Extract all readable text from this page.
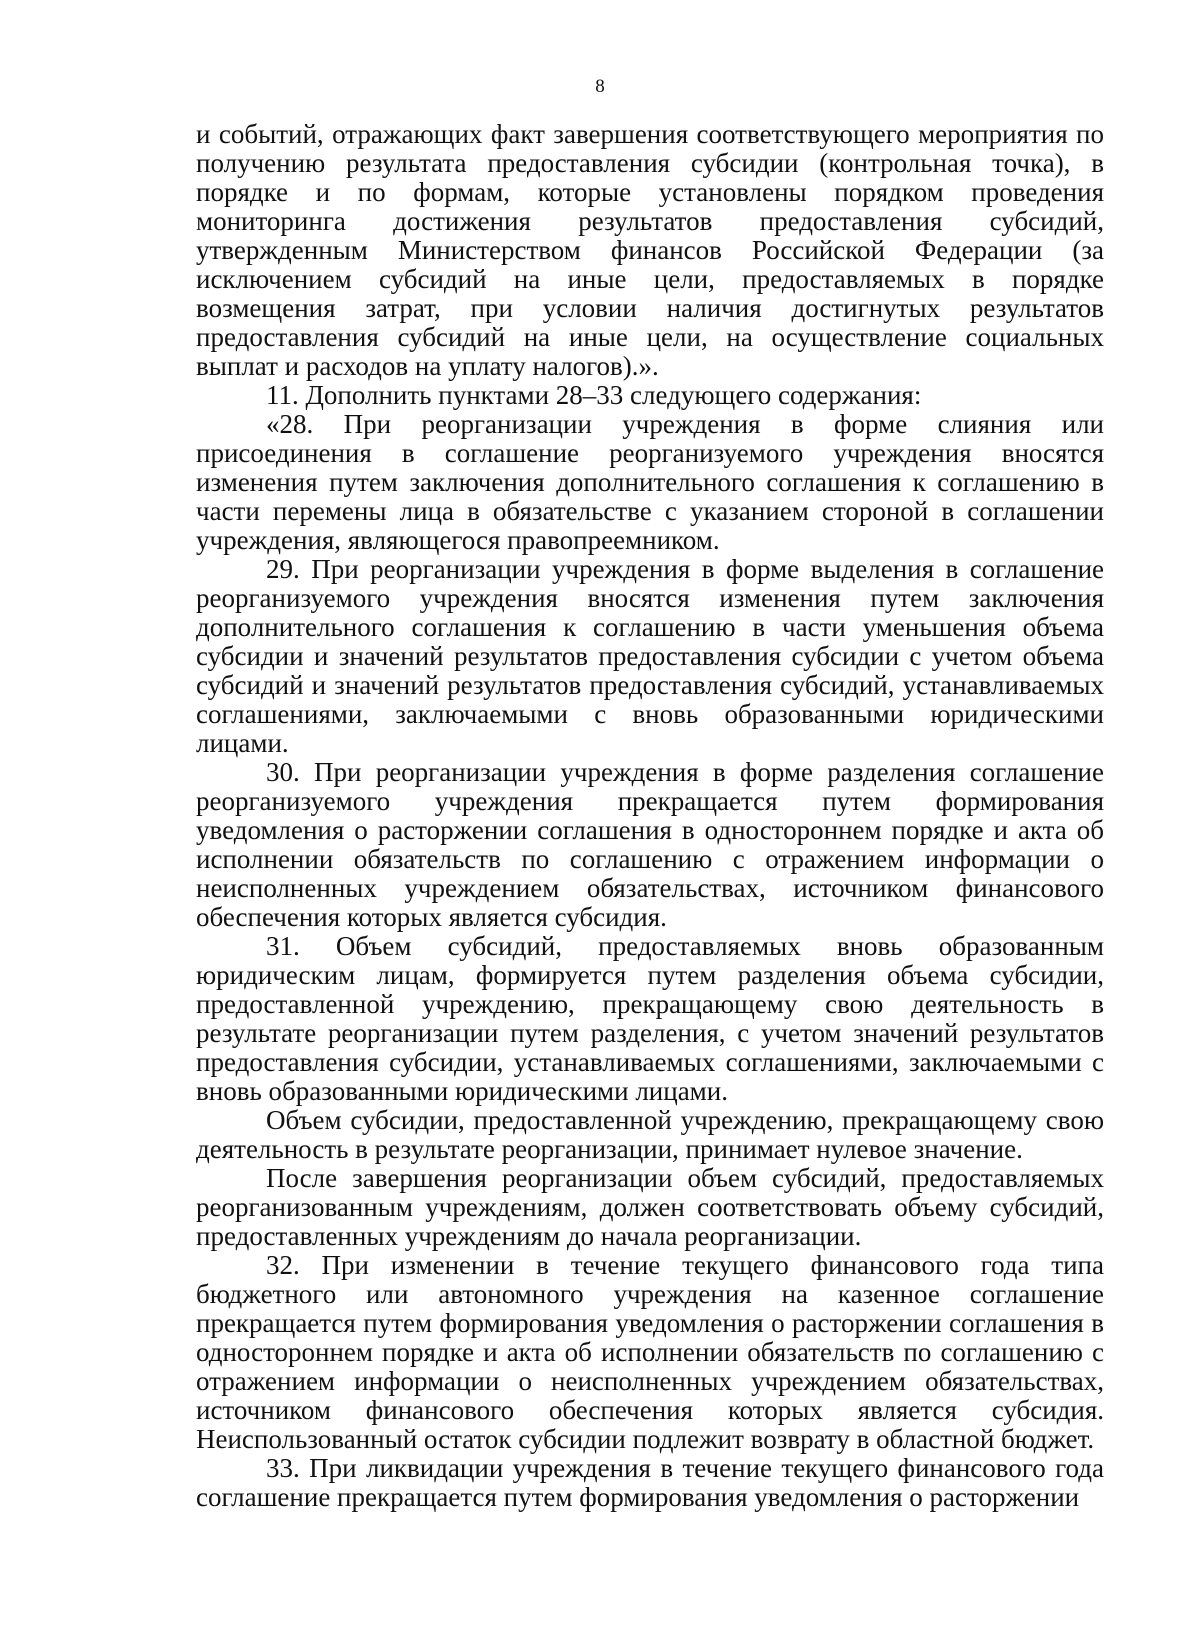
8

и событий, отражающих факт завершения соответствующего мероприятия по получению результата предоставления субсидии (контрольная точка), в порядке и по формам, которые установлены порядком проведения мониторинга достижения результатов предоставления субсидий, утвержденным Министерством финансов Российской Федерации (за исключением субсидий на иные цели, предоставляемых в порядке возмещения затрат, при условии наличия достигнутых результатов предоставления субсидий на иные цели, на осуществление социальных выплат и расходов на уплату налогов).».

11. Дополнить пунктами 28–33 следующего содержания:

«28. При реорганизации учреждения в форме слияния или присоединения в соглашение реорганизуемого учреждения вносятся изменения путем заключения дополнительного соглашения к соглашению в части перемены лица в обязательстве с указанием стороной в соглашении учреждения, являющегося правопреемником.

29. При реорганизации учреждения в форме выделения в соглашение реорганизуемого учреждения вносятся изменения путем заключения дополнительного соглашения к соглашению в части уменьшения объема субсидии и значений результатов предоставления субсидии с учетом объема субсидий и значений результатов предоставления субсидий, устанавливаемых соглашениями, заключаемыми с вновь образованными юридическими лицами.

30. При реорганизации учреждения в форме разделения соглашение реорганизуемого учреждения прекращается путем формирования уведомления о расторжении соглашения в одностороннем порядке и акта об исполнении обязательств по соглашению с отражением информации о неисполненных учреждением обязательствах, источником финансового обеспечения которых является субсидия.

31. Объем субсидий, предоставляемых вновь образованным юридическим лицам, формируется путем разделения объема субсидии, предоставленной учреждению, прекращающему свою деятельность в результате реорганизации путем разделения, с учетом значений результатов предоставления субсидии, устанавливаемых соглашениями, заключаемыми с вновь образованными юридическими лицами.

Объем субсидии, предоставленной учреждению, прекращающему свою деятельность в результате реорганизации, принимает нулевое значение.

После завершения реорганизации объем субсидий, предоставляемых реорганизованным учреждениям, должен соответствовать объему субсидий, предоставленных учреждениям до начала реорганизации.

32. При изменении в течение текущего финансового года типа бюджетного или автономного учреждения на казенное соглашение прекращается путем формирования уведомления о расторжении соглашения в одностороннем порядке и акта об исполнении обязательств по соглашению с отражением информации о неисполненных учреждением обязательствах, источником финансового обеспечения которых является субсидия. Неиспользованный остаток субсидии подлежит возврату в областной бюджет.

33. При ликвидации учреждения в течение текущего финансового года соглашение прекращается путем формирования уведомления о расторжении
